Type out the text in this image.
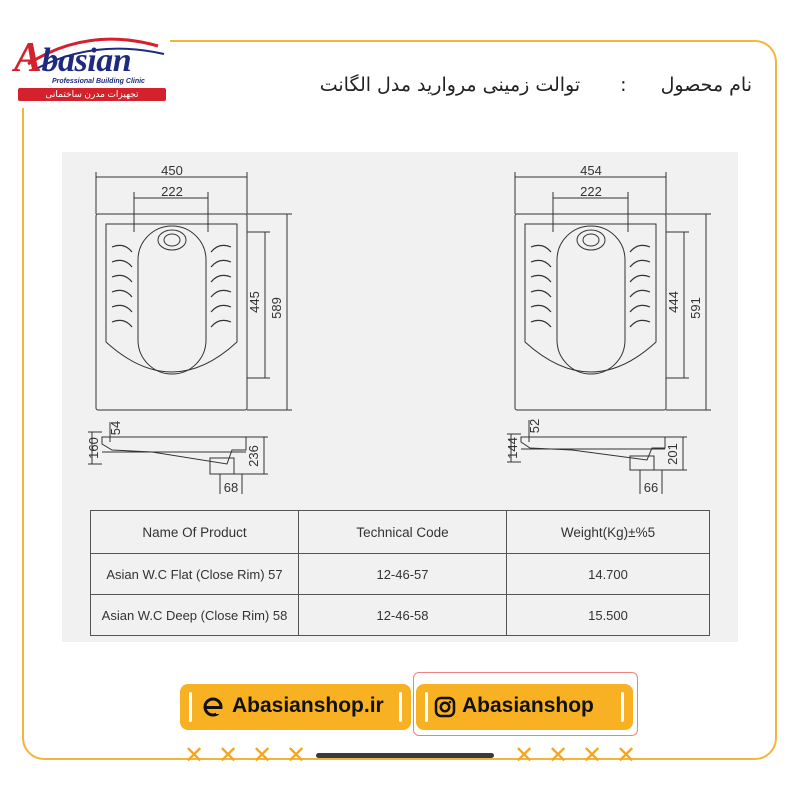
Abasian
Professional Building Clinic
تجهیزات مدرن ساختمانی	نام محصول
:
توالت زمینی مروارید مدل الگانت
450
222
445 589
160
54
236
68
454
222
444 591
144
52
201
66
Name Of Product	Technical Code	Weight(Kg)±%5
Asian W.C Flat (Close Rim) 57	12-46-57	14.700
Asian W.C Deep (Close Rim) 58	12-46-58	15.500
Abasianshop.ir	Abasianshop
✕ ✕ ✕ ✕	✕ ✕ ✕ ✕
